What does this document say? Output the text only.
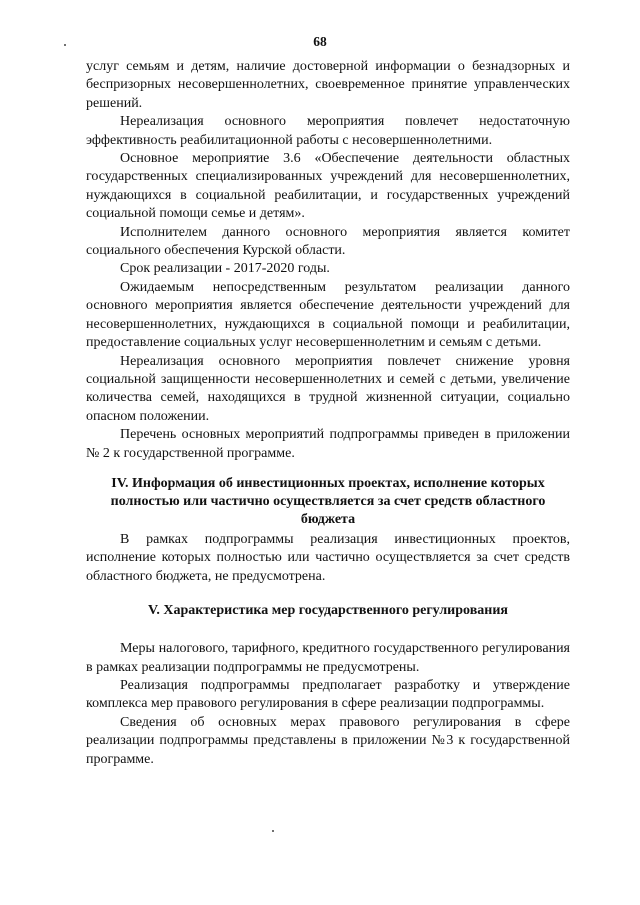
68

услуг семьям и детям, наличие достоверной информации о безнадзорных и беспризорных несовершеннолетних, своевременное принятие управленческих решений.

Нереализация основного мероприятия повлечет недостаточную эффективность реабилитационной работы с несовершеннолетними.

Основное мероприятие 3.6 «Обеспечение деятельности областных государственных специализированных учреждений для несовершеннолетних, нуждающихся в социальной реабилитации, и государственных учреждений социальной помощи семье и детям».

Исполнителем данного основного мероприятия является комитет социального обеспечения Курской области.

Срок реализации - 2017-2020 годы.

Ожидаемым непосредственным результатом реализации данного основного мероприятия является обеспечение деятельности учреждений для несовершеннолетних, нуждающихся в социальной помощи и реабилитации, предоставление социальных услуг несовершеннолетним и семьям с детьми.

Нереализация основного мероприятия повлечет снижение уровня социальной защищенности несовершеннолетних и семей с детьми, увеличение количества семей, находящихся в трудной жизненной ситуации, социально опасном положении.

Перечень основных мероприятий подпрограммы приведен в приложении № 2 к государственной программе.

IV. Информация об инвестиционных проектах, исполнение которых полностью или частично осуществляется за счет средств областного бюджета

В рамках подпрограммы реализация инвестиционных проектов, исполнение которых полностью или частично осуществляется за счет средств областного бюджета, не предусмотрена.

V. Характеристика мер государственного регулирования

Меры налогового, тарифного, кредитного государственного регулирования в рамках реализации подпрограммы не предусмотрены.

Реализация подпрограммы предполагает разработку и утверждение комплекса мер правового регулирования в сфере реализации подпрограммы.

Сведения об основных мерах правового регулирования в сфере реализации подпрограммы представлены в приложении №3 к государственной программе.
